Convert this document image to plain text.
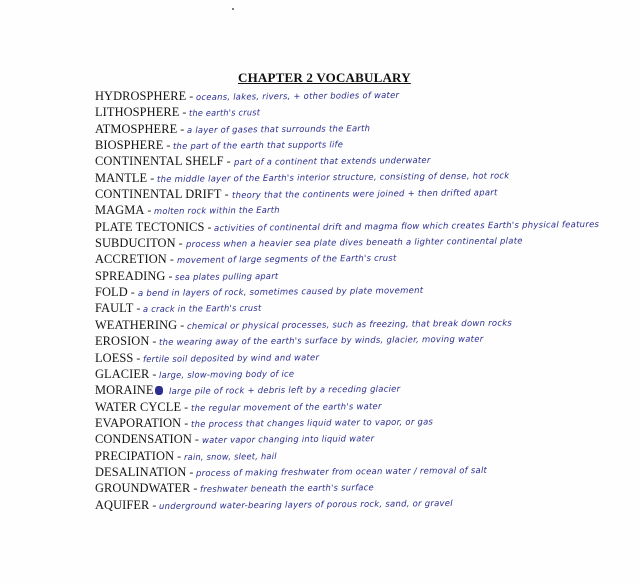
CHAPTER 2 VOCABULARY
HYDROSPHERE - oceans, lakes, rivers, + other bodies of water
LITHOSPHERE - the earth's crust
ATMOSPHERE - a layer of gases that surrounds the Earth
BIOSPHERE - the part of the earth that supports life
CONTINENTAL SHELF - part of a continent that extends underwater
MANTLE - the middle layer of the Earth's interior structure, consisting of dense, hot rock
CONTINENTAL DRIFT - theory that the continents were joined + then drifted apart
MAGMA - molten rock within the Earth
PLATE TECTONICS - activities of continental drift and magma flow which creates Earth's physical features
SUBDUCITON - process when a heavier sea plate dives beneath a lighter continental plate
ACCRETION - movement of large segments of the Earth's crust
SPREADING - sea plates pulling apart
FOLD - a bend in layers of rock, sometimes caused by plate movement
FAULT - a crack in the Earth's crust
WEATHERING - chemical or physical processes, such as freezing, that break down rocks
EROSION - the wearing away of the earth's surface by winds, glacier, moving water
LOESS - fertile soil deposited by wind and water
GLACIER - large, slow-moving body of ice
MORAINE large pile of rock + debris left by a receding glacier
WATER CYCLE - the regular movement of the earth's water
EVAPORATION - the process that changes liquid water to vapor, or gas
CONDENSATION - water vapor changing into liquid water
PRECIPATION - rain, snow, sleet, hail
DESALINATION - process of making freshwater from ocean water / removal of salt
GROUNDWATER - freshwater beneath the earth's surface
AQUIFER - underground water-bearing layers of porous rock, sand, or gravel
